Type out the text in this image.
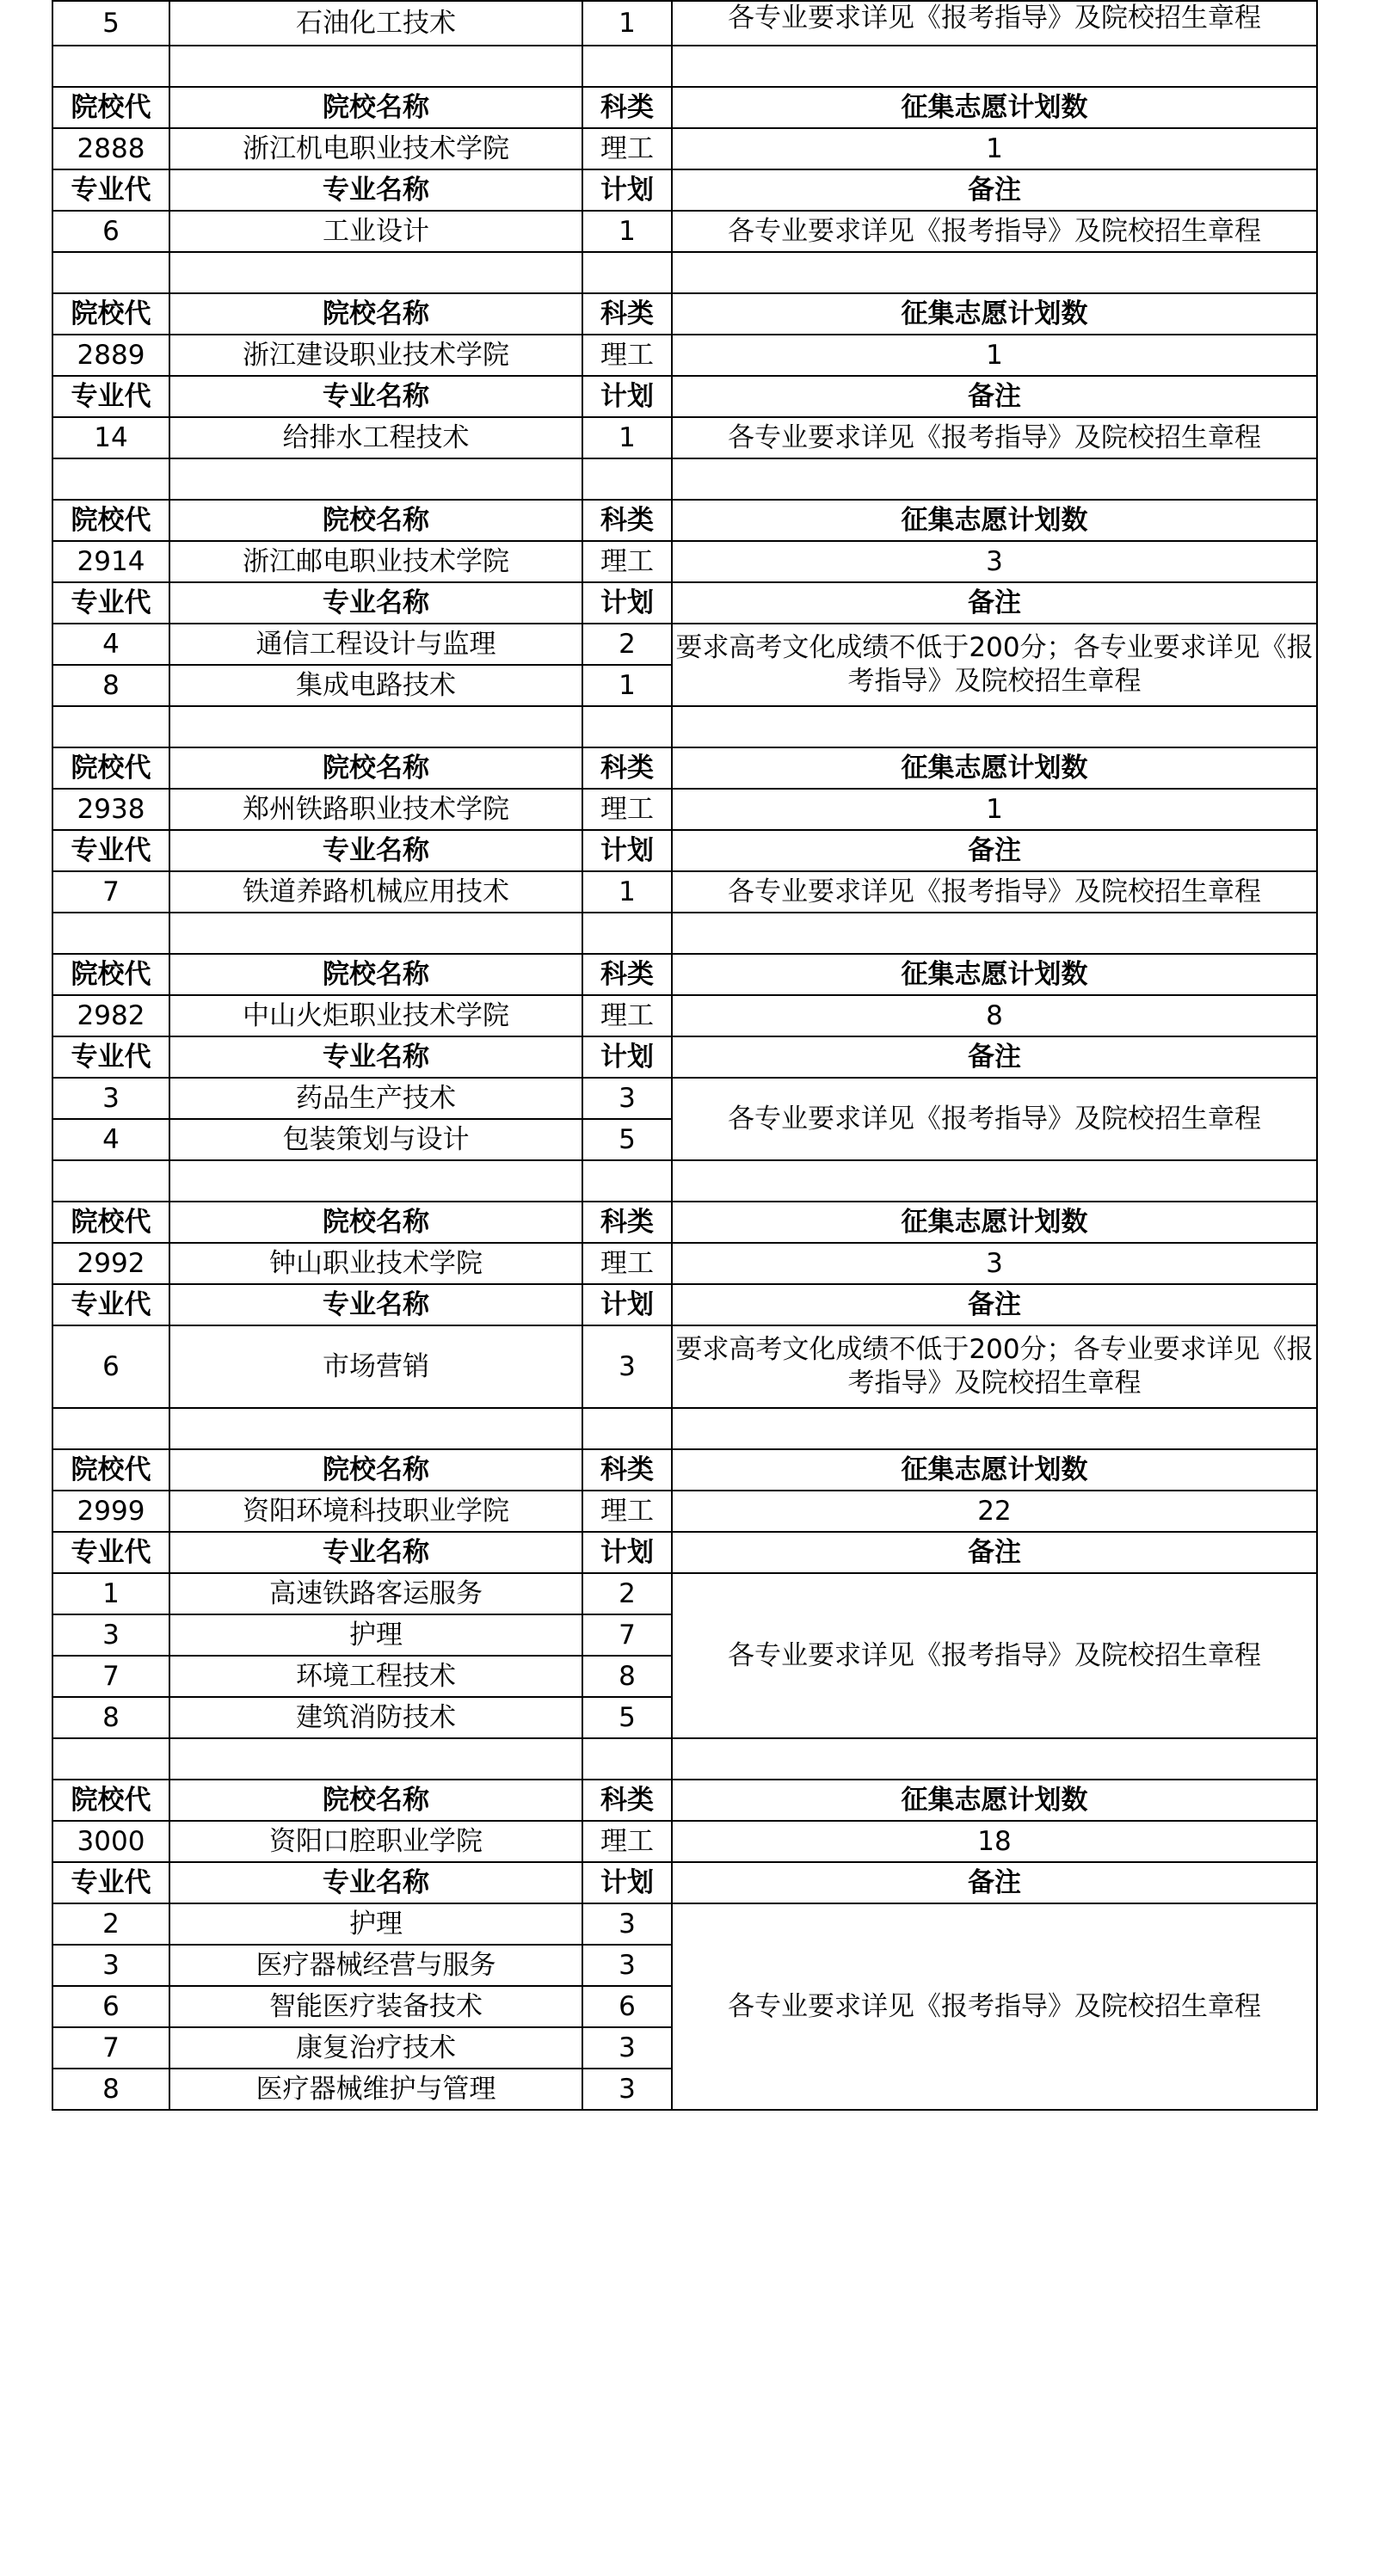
5	石油化工技术	1	各专业要求详见《报考指导》及院校招生章程

院校代	院校名称	科类	征集志愿计划数
2888	浙江机电职业技术学院	理工	1
专业代	专业名称	计划	备注
6	工业设计	1	各专业要求详见《报考指导》及院校招生章程

院校代	院校名称	科类	征集志愿计划数
2889	浙江建设职业技术学院	理工	1
专业代	专业名称	计划	备注
14	给排水工程技术	1	各专业要求详见《报考指导》及院校招生章程

院校代	院校名称	科类	征集志愿计划数
2914	浙江邮电职业技术学院	理工	3
专业代	专业名称	计划	备注
4	通信工程设计与监理	2	要求高考文化成绩不低于200分；各专业要求详见《报考指导》及院校招生章程
8	集成电路技术	1	

院校代	院校名称	科类	征集志愿计划数
2938	郑州铁路职业技术学院	理工	1
专业代	专业名称	计划	备注
7	铁道养路机械应用技术	1	各专业要求详见《报考指导》及院校招生章程

院校代	院校名称	科类	征集志愿计划数
2982	中山火炬职业技术学院	理工	8
专业代	专业名称	计划	备注
3	药品生产技术	3	各专业要求详见《报考指导》及院校招生章程
4	包装策划与设计	5	

院校代	院校名称	科类	征集志愿计划数
2992	钟山职业技术学院	理工	3
专业代	专业名称	计划	备注
6	市场营销	3	要求高考文化成绩不低于200分；各专业要求详见《报考指导》及院校招生章程

院校代	院校名称	科类	征集志愿计划数
2999	资阳环境科技职业学院	理工	22
专业代	专业名称	计划	备注
1	高速铁路客运服务	2	各专业要求详见《报考指导》及院校招生章程
3	护理	7	
7	环境工程技术	8	
8	建筑消防技术	5	

院校代	院校名称	科类	征集志愿计划数
3000	资阳口腔职业学院	理工	18
专业代	专业名称	计划	备注
2	护理	3	各专业要求详见《报考指导》及院校招生章程
3	医疗器械经营与服务	3	
6	智能医疗装备技术	6	
7	康复治疗技术	3	
8	医疗器械维护与管理	3	
